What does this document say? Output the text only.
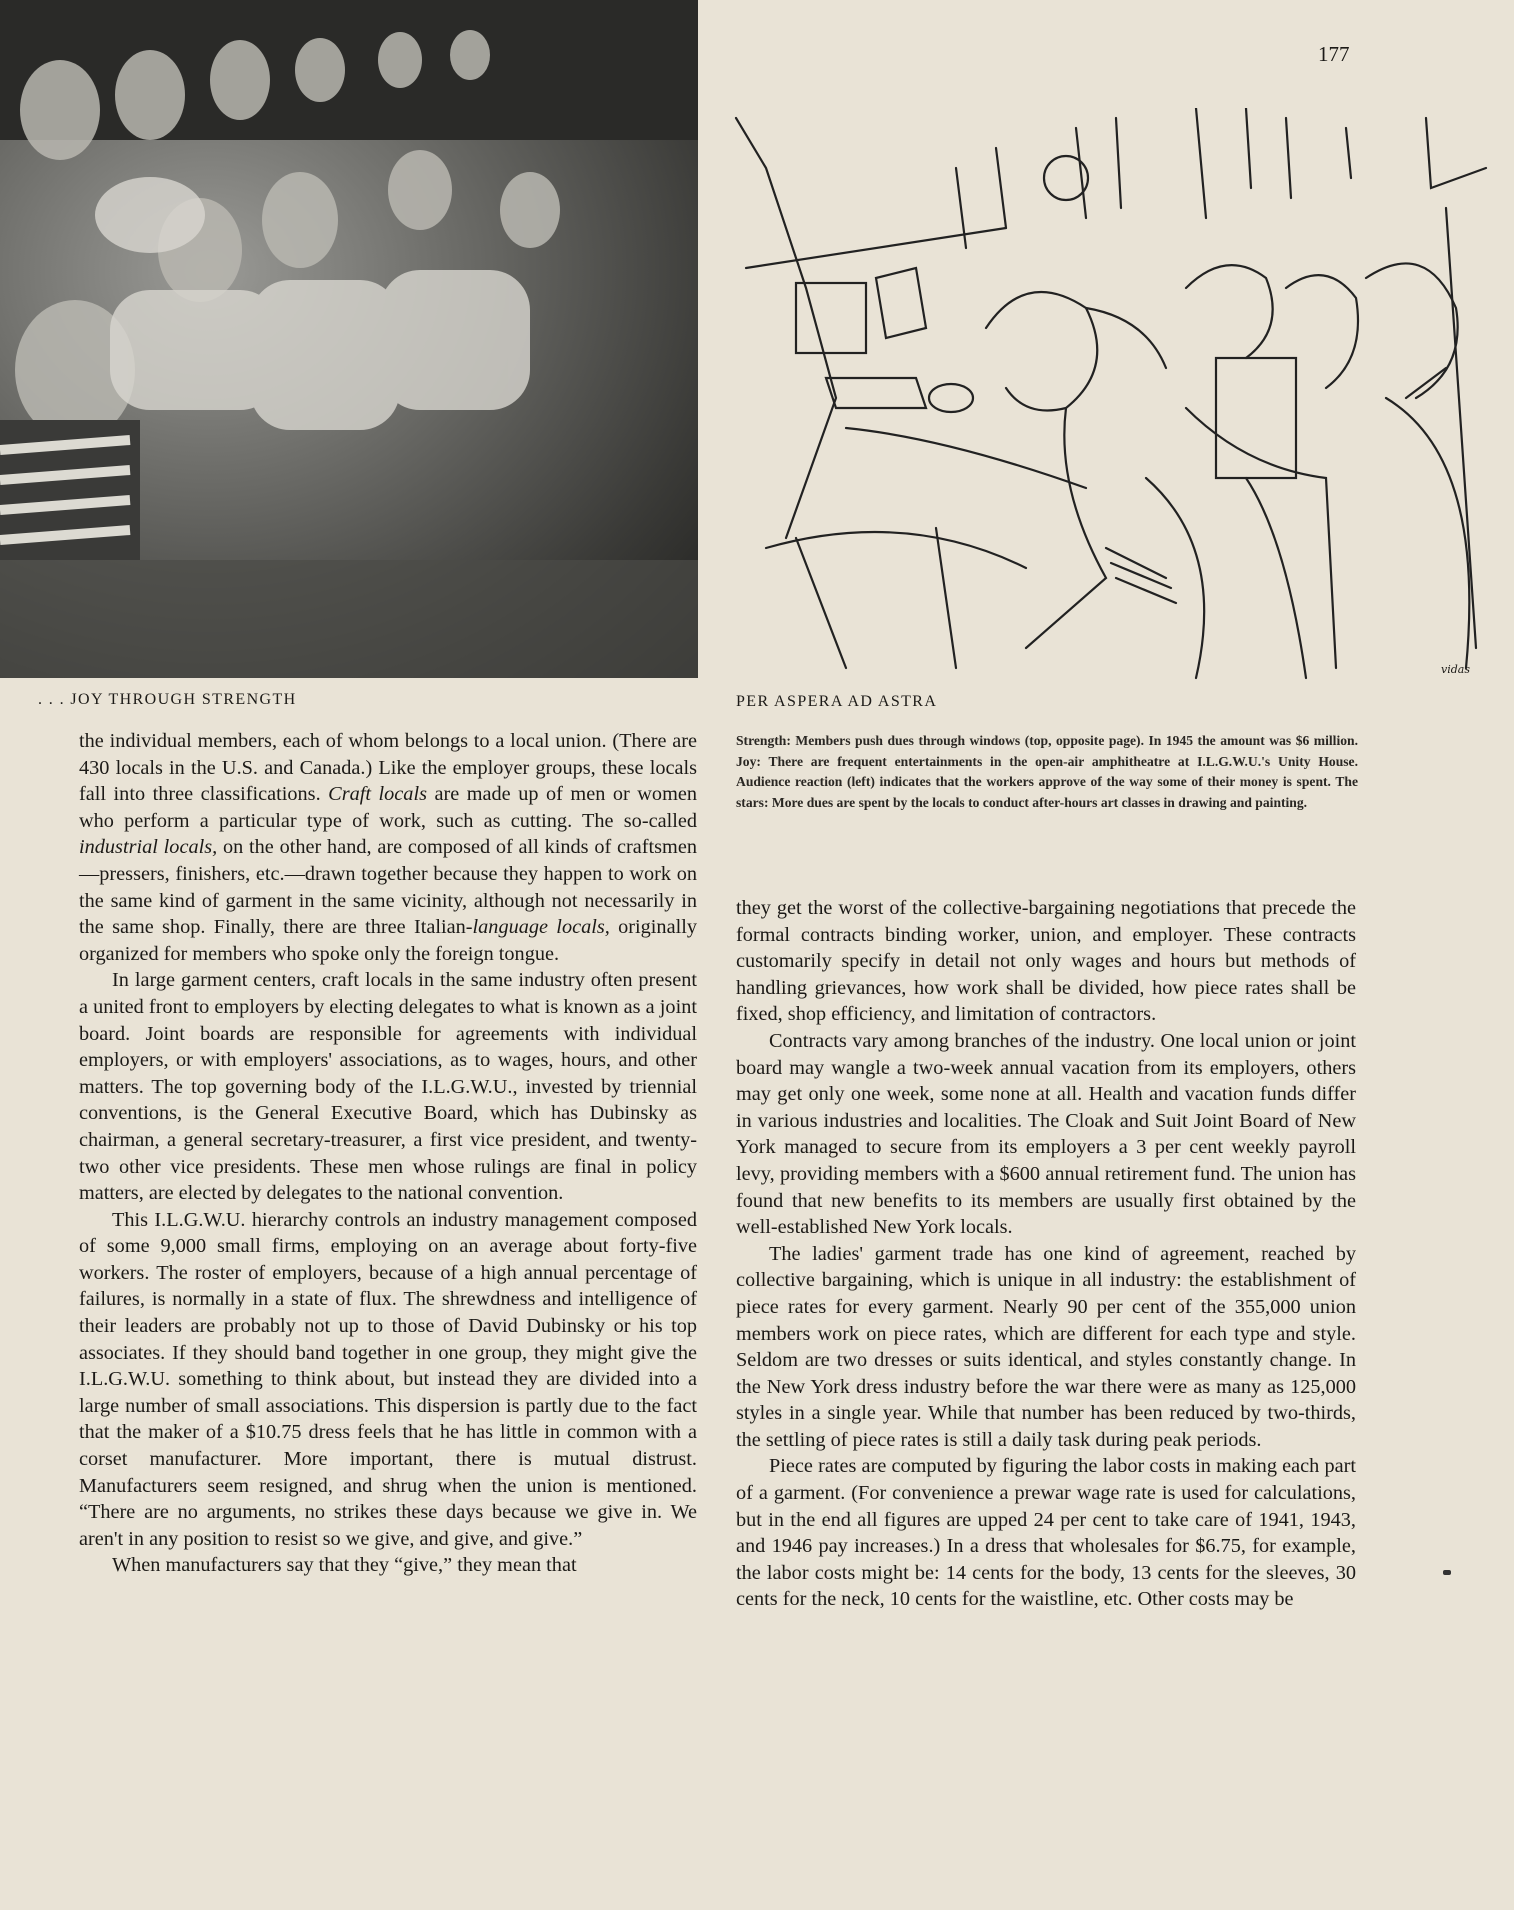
177
vidas
. . . JOY THROUGH STRENGTH	PER ASPERA AD ASTRA
Strength: Members push dues through windows (top, opposite page). In 1945 the amount was $6 million. Joy: There are frequent entertainments in the open-air amphitheatre at I.L.G.W.U.'s Unity House. Audience reaction (left) indicates that the workers approve of the way some of their money is spent. The stars: More dues are spent by the locals to conduct after-hours art classes in drawing and painting.

the individual members, each of whom belongs to a local union. (There are 430 locals in the U.S. and Canada.) Like the employer groups, these locals fall into three classifications. Craft locals are made up of men or women who perform a particular type of work, such as cutting. The so-called industrial locals, on the other hand, are composed of all kinds of craftsmen—pressers, finishers, etc.—drawn together because they happen to work on the same kind of garment in the same vicinity, although not necessarily in the same shop. Finally, there are three Italian-language locals, originally organized for members who spoke only the foreign tongue.

In large garment centers, craft locals in the same industry often present a united front to employers by electing delegates to what is known as a joint board. Joint boards are responsible for agreements with individual employers, or with employers' associations, as to wages, hours, and other matters. The top governing body of the I.L.G.W.U., invested by triennial conventions, is the General Executive Board, which has Dubinsky as chairman, a general secretary-treasurer, a first vice president, and twenty-two other vice presidents. These men whose rulings are final in policy matters, are elected by delegates to the national convention.

This I.L.G.W.U. hierarchy controls an industry management composed of some 9,000 small firms, employing on an average about forty-five workers. The roster of employers, because of a high annual percentage of failures, is normally in a state of flux. The shrewdness and intelligence of their leaders are probably not up to those of David Dubinsky or his top associates. If they should band together in one group, they might give the I.L.G.W.U. something to think about, but instead they are divided into a large number of small associations. This dispersion is partly due to the fact that the maker of a $10.75 dress feels that he has little in common with a corset manufacturer. More important, there is mutual distrust. Manufacturers seem resigned, and shrug when the union is mentioned. “There are no arguments, no strikes these days because we give in. We aren't in any position to resist so we give, and give, and give.”

When manufacturers say that they “give,” they mean that

they get the worst of the collective-bargaining negotiations that precede the formal contracts binding worker, union, and employer. These contracts customarily specify in detail not only wages and hours but methods of handling grievances, how work shall be divided, how piece rates shall be fixed, shop efficiency, and limitation of contractors.

Contracts vary among branches of the industry. One local union or joint board may wangle a two-week annual vacation from its employers, others may get only one week, some none at all. Health and vacation funds differ in various industries and localities. The Cloak and Suit Joint Board of New York managed to secure from its employers a 3 per cent weekly payroll levy, providing members with a $600 annual retirement fund. The union has found that new benefits to its members are usually first obtained by the well-established New York locals.

The ladies' garment trade has one kind of agreement, reached by collective bargaining, which is unique in all industry: the establishment of piece rates for every garment. Nearly 90 per cent of the 355,000 union members work on piece rates, which are different for each type and style. Seldom are two dresses or suits identical, and styles constantly change. In the New York dress industry before the war there were as many as 125,000 styles in a single year. While that number has been reduced by two-thirds, the settling of piece rates is still a daily task during peak periods.

Piece rates are computed by figuring the labor costs in making each part of a garment. (For convenience a prewar wage rate is used for calculations, but in the end all figures are upped 24 per cent to take care of 1941, 1943, and 1946 pay increases.) In a dress that wholesales for $6.75, for example, the labor costs might be: 14 cents for the body, 13 cents for the sleeves, 30 cents for the neck, 10 cents for the waistline, etc. Other costs may be
